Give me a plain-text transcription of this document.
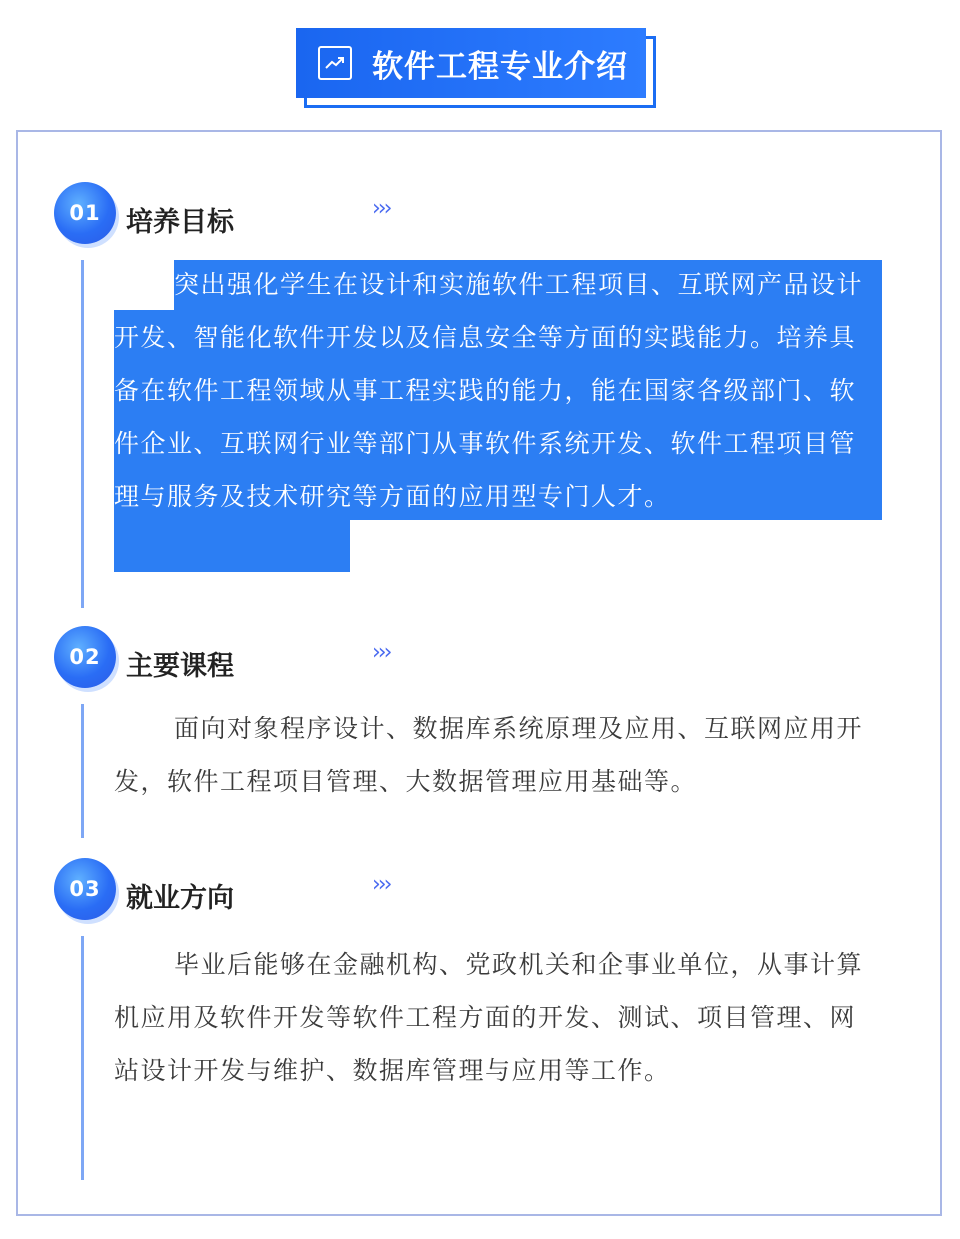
软件工程专业介绍
01 培养目标	›››

突出强化学生在设计和实施软件工程项目、互联网产品设计开发、智能化软件开发以及信息安全等方面的实践能力。培养具备在软件工程领域从事工程实践的能力，能在国家各级部门、软件企业、互联网行业等部门从事软件系统开发、软件工程项目管理与服务及技术研究等方面的应用型专门人才。

02 主要课程	›››

面向对象程序设计、数据库系统原理及应用、互联网应用开发，软件工程项目管理、大数据管理应用基础等。

03 就业方向	›››

毕业后能够在金融机构、党政机关和企事业单位，从事计算机应用及软件开发等软件工程方面的开发、测试、项目管理、网站设计开发与维护、数据库管理与应用等工作。
